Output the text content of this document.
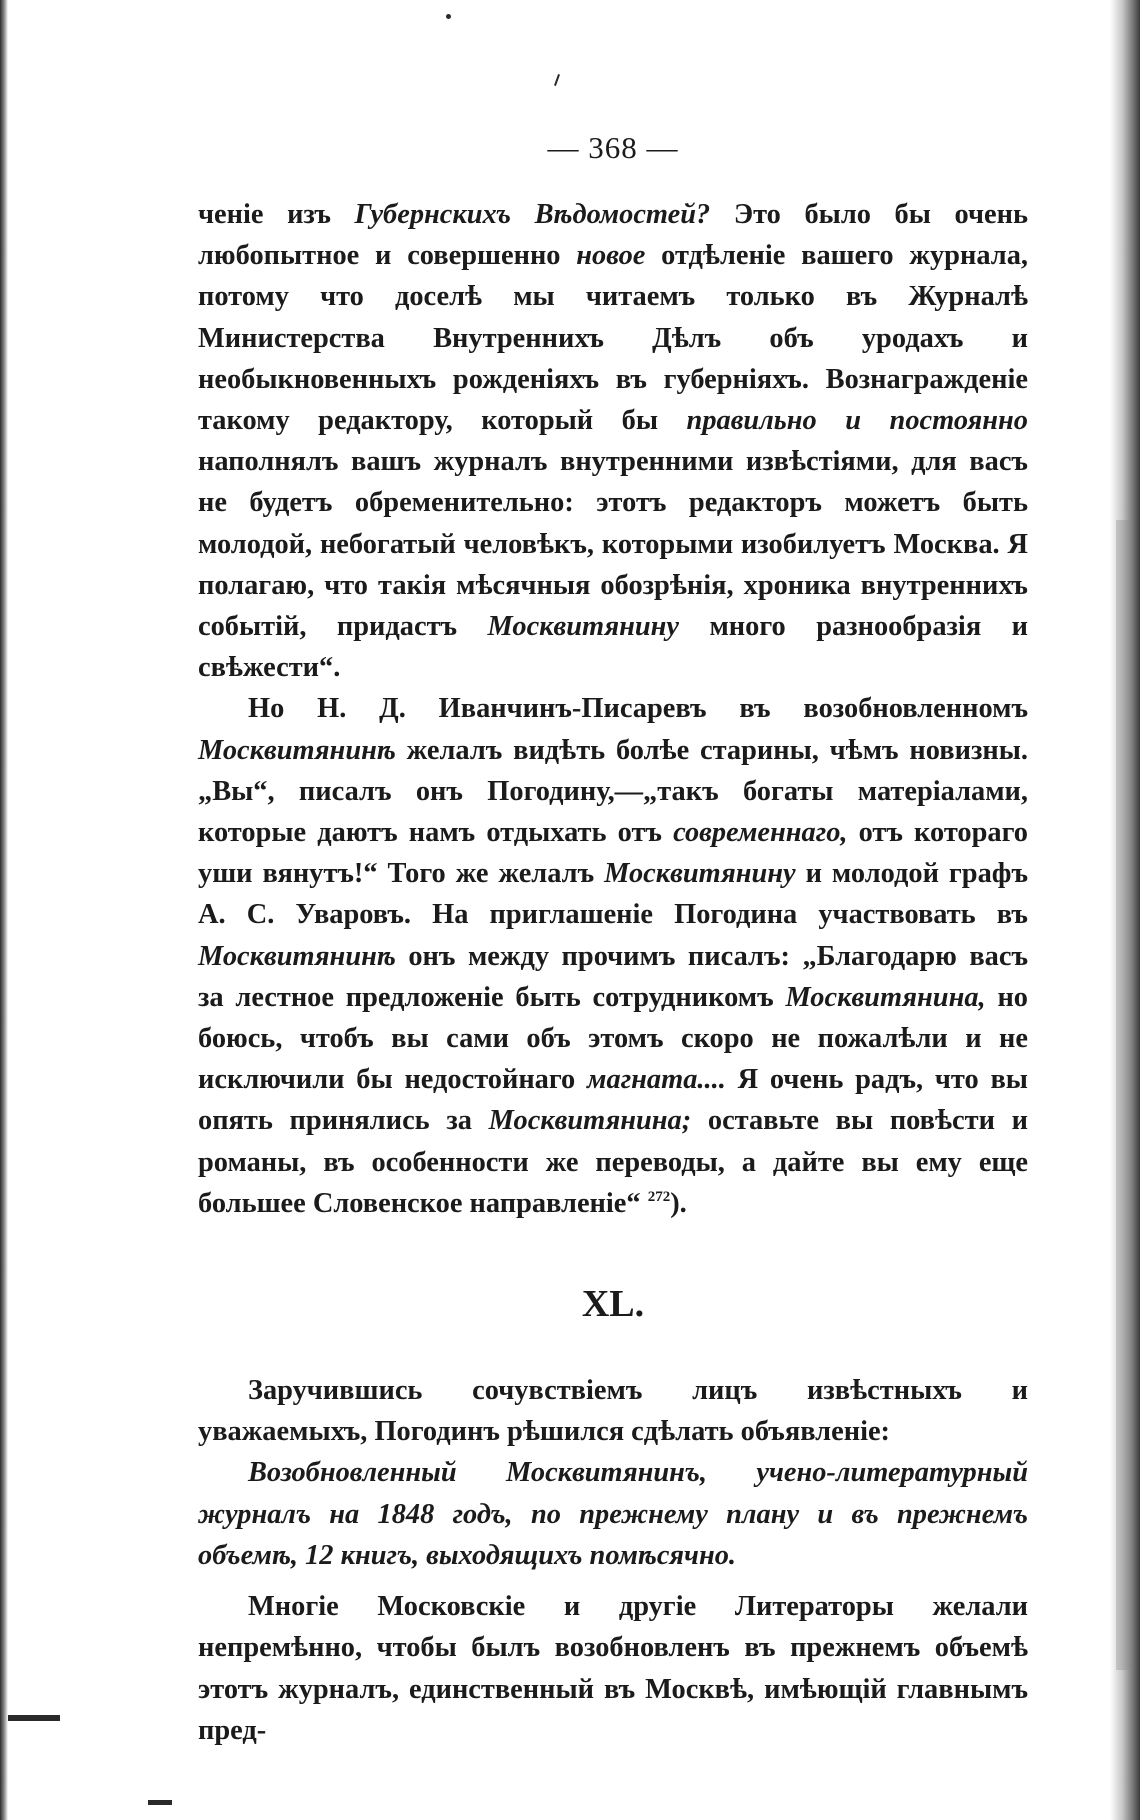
— 368 —

ченіе изъ Губернскихъ Вѣдомостей? Это было бы очень любопытное и совершенно новое отдѣленіе вашего журнала, потому что доселѣ мы читаемъ только въ Журналѣ Министерства Внутреннихъ Дѣлъ объ уродахъ и необыкновенныхъ рожденіяхъ въ губерніяхъ. Вознагражденіе такому редактору, который бы правильно и постоянно наполнялъ вашъ журналъ внутренними извѣстіями, для васъ не будетъ обременительно: этотъ редакторъ можетъ быть молодой, небогатый человѣкъ, которыми изобилуетъ Москва. Я полагаю, что такія мѣсячныя обозрѣнія, хроника внутреннихъ событій, придастъ Москвитянину много разнообразія и свѣжести“.

Но Н. Д. Иванчинъ-Писаревъ въ возобновленномъ Москвитянинѣ желалъ видѣть болѣе старины, чѣмъ новизны. „Вы“, писалъ онъ Погодину,—„такъ богаты матеріалами, которые даютъ намъ отдыхать отъ современнаго, отъ котораго уши вянутъ!“ Того же желалъ Москвитянину и молодой графъ А. С. Уваровъ. На приглашеніе Погодина участвовать въ Москвитянинѣ онъ между прочимъ писалъ: „Благодарю васъ за лестное предложеніе быть сотрудникомъ Москвитянина, но боюсь, чтобъ вы сами объ этомъ скоро не пожалѣли и не исключили бы недостойнаго магната.... Я очень радъ, что вы опять принялись за Москвитянина; оставьте вы повѣсти и романы, въ особенности же переводы, а дайте вы ему еще большее Словенское направленіе“ $^{272}$).

XL.

Заручившись сочувствіемъ лицъ извѣстныхъ и уважаемыхъ, Погодинъ рѣшился сдѣлать объявленіе:

Возобновленный Москвитянинъ, учено-литературный журналъ на 1848 годъ, по прежнему плану и въ прежнемъ объемѣ, 12 книгъ, выходящихъ помѣсячно.

Многіе Московскіе и другіе Литераторы желали непремѣнно, чтобы былъ возобновленъ въ прежнемъ объемѣ этотъ журналъ, единственный въ Москвѣ, имѣющій главнымъ пред-
